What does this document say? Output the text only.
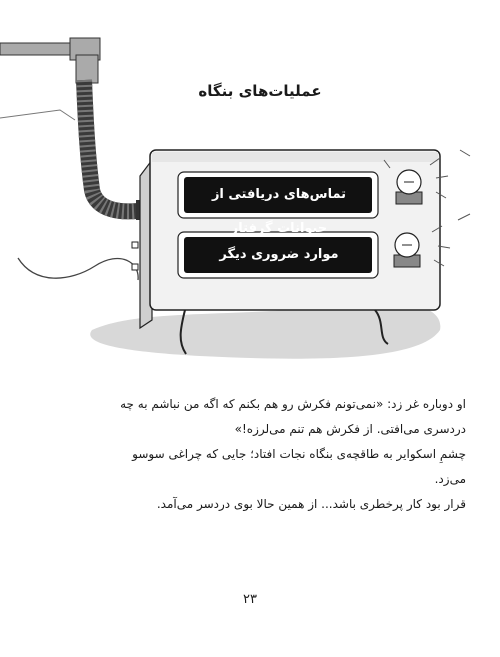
عملیات‌های بنگاه
تماس‌های دریافتی از حیوانات گرفتار
موارد ضروری دیگر

او دوباره غر زد: «نمی‌تونم فکرش رو هم بکنم که اگه من نباشم به چه دردسری می‌افتی. از فکرش هم تنم می‌لرزه!»

چشمِ اسکوایر به طاقچه‌ی بنگاه نجات افتاد؛ جایی که چراغی سوسو می‌زد.

قرار بود کار پرخطری باشد... از همین حالا بوی دردسر می‌آمد.

۲۳
